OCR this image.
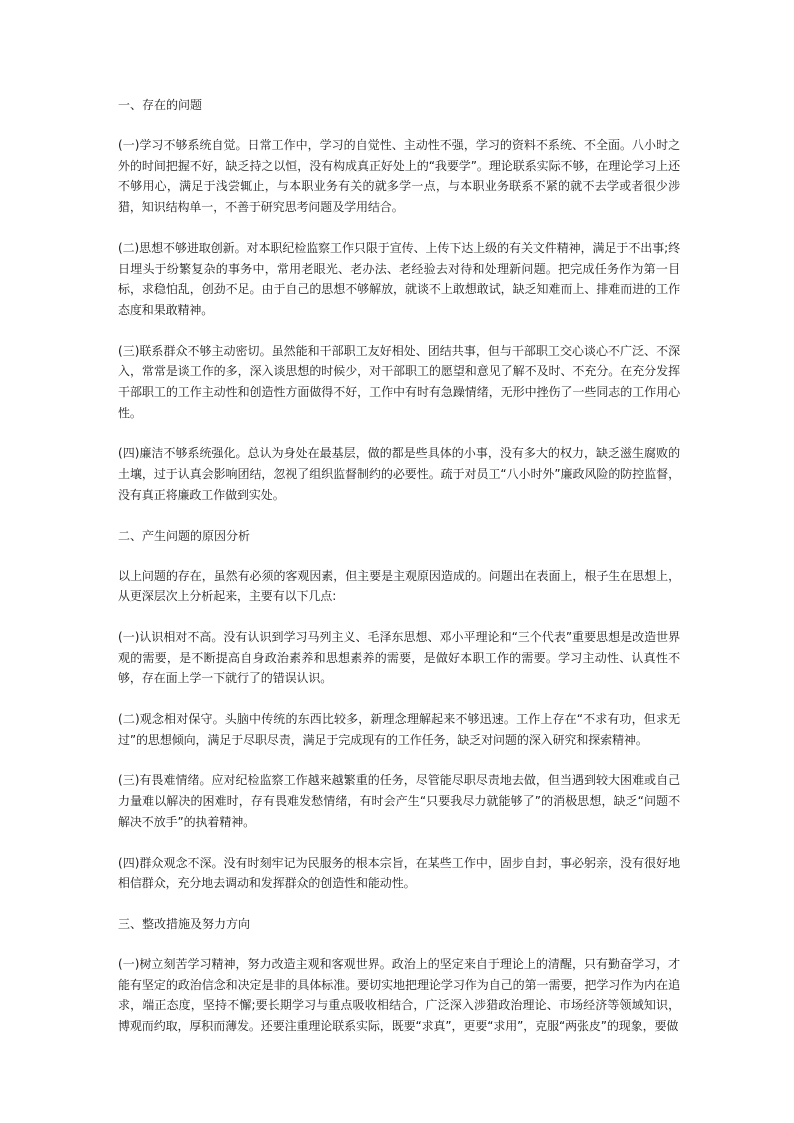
一、存在的问题

(一)学习不够系统自觉。日常工作中，学习的自觉性、主动性不强，学习的资料不系统、不全面。八小时之外的时间把握不好，缺乏持之以恒，没有构成真正好处上的“我要学”。理论联系实际不够，在理论学习上还不够用心，满足于浅尝辄止，与本职业务有关的就多学一点，与本职业务联系不紧的就不去学或者很少涉猎，知识结构单一，不善于研究思考问题及学用结合。

(二)思想不够进取创新。对本职纪检监察工作只限于宣传、上传下达上级的有关文件精神，满足于不出事;终日埋头于纷繁复杂的事务中，常用老眼光、老办法、老经验去对待和处理新问题。把完成任务作为第一目标，求稳怕乱，创劲不足。由于自己的思想不够解放，就谈不上敢想敢试，缺乏知难而上、排难而进的工作态度和果敢精神。

(三)联系群众不够主动密切。虽然能和干部职工友好相处、团结共事，但与干部职工交心谈心不广泛、不深入，常常是谈工作的多，深入谈思想的时候少，对干部职工的愿望和意见了解不及时、不充分。在充分发挥干部职工的工作主动性和创造性方面做得不好，工作中有时有急躁情绪，无形中挫伤了一些同志的工作用心性。

(四)廉洁不够系统强化。总认为身处在最基层，做的都是些具体的小事，没有多大的权力，缺乏滋生腐败的土壤，过于认真会影响团结，忽视了组织监督制约的必要性。疏于对员工“八小时外”廉政风险的防控监督，没有真正将廉政工作做到实处。

二、产生问题的原因分析

以上问题的存在，虽然有必须的客观因素，但主要是主观原因造成的。问题出在表面上，根子生在思想上，从更深层次上分析起来，主要有以下几点:

(一)认识相对不高。没有认识到学习马列主义、毛泽东思想、邓小平理论和“三个代表”重要思想是改造世界观的需要，是不断提高自身政治素养和思想素养的需要，是做好本职工作的需要。学习主动性、认真性不够，存在面上学一下就行了的错误认识。

(二)观念相对保守。头脑中传统的东西比较多，新理念理解起来不够迅速。工作上存在“不求有功，但求无过”的思想倾向，满足于尽职尽责，满足于完成现有的工作任务，缺乏对问题的深入研究和探索精神。

(三)有畏难情绪。应对纪检监察工作越来越繁重的任务，尽管能尽职尽责地去做，但当遇到较大困难或自己力量难以解决的困难时，存有畏难发愁情绪，有时会产生“只要我尽力就能够了”的消极思想，缺乏“问题不解决不放手”的执着精神。

(四)群众观念不深。没有时刻牢记为民服务的根本宗旨，在某些工作中，固步自封，事必躬亲，没有很好地相信群众，充分地去调动和发挥群众的创造性和能动性。

三、整改措施及努力方向

(一)树立刻苦学习精神，努力改造主观和客观世界。政治上的坚定来自于理论上的清醒，只有勤奋学习，才能有坚定的政治信念和决定是非的具体标准。要切实地把理论学习作为自己的第一需要，把学习作为内在追求，端正态度，坚持不懈;要长期学习与重点吸收相结合，广泛深入涉猎政治理论、市场经济等领域知识，博观而约取，厚积而薄发。还要注重理论联系实际，既要“求真”，更要“求用”，克服“两张皮”的现象，要做
